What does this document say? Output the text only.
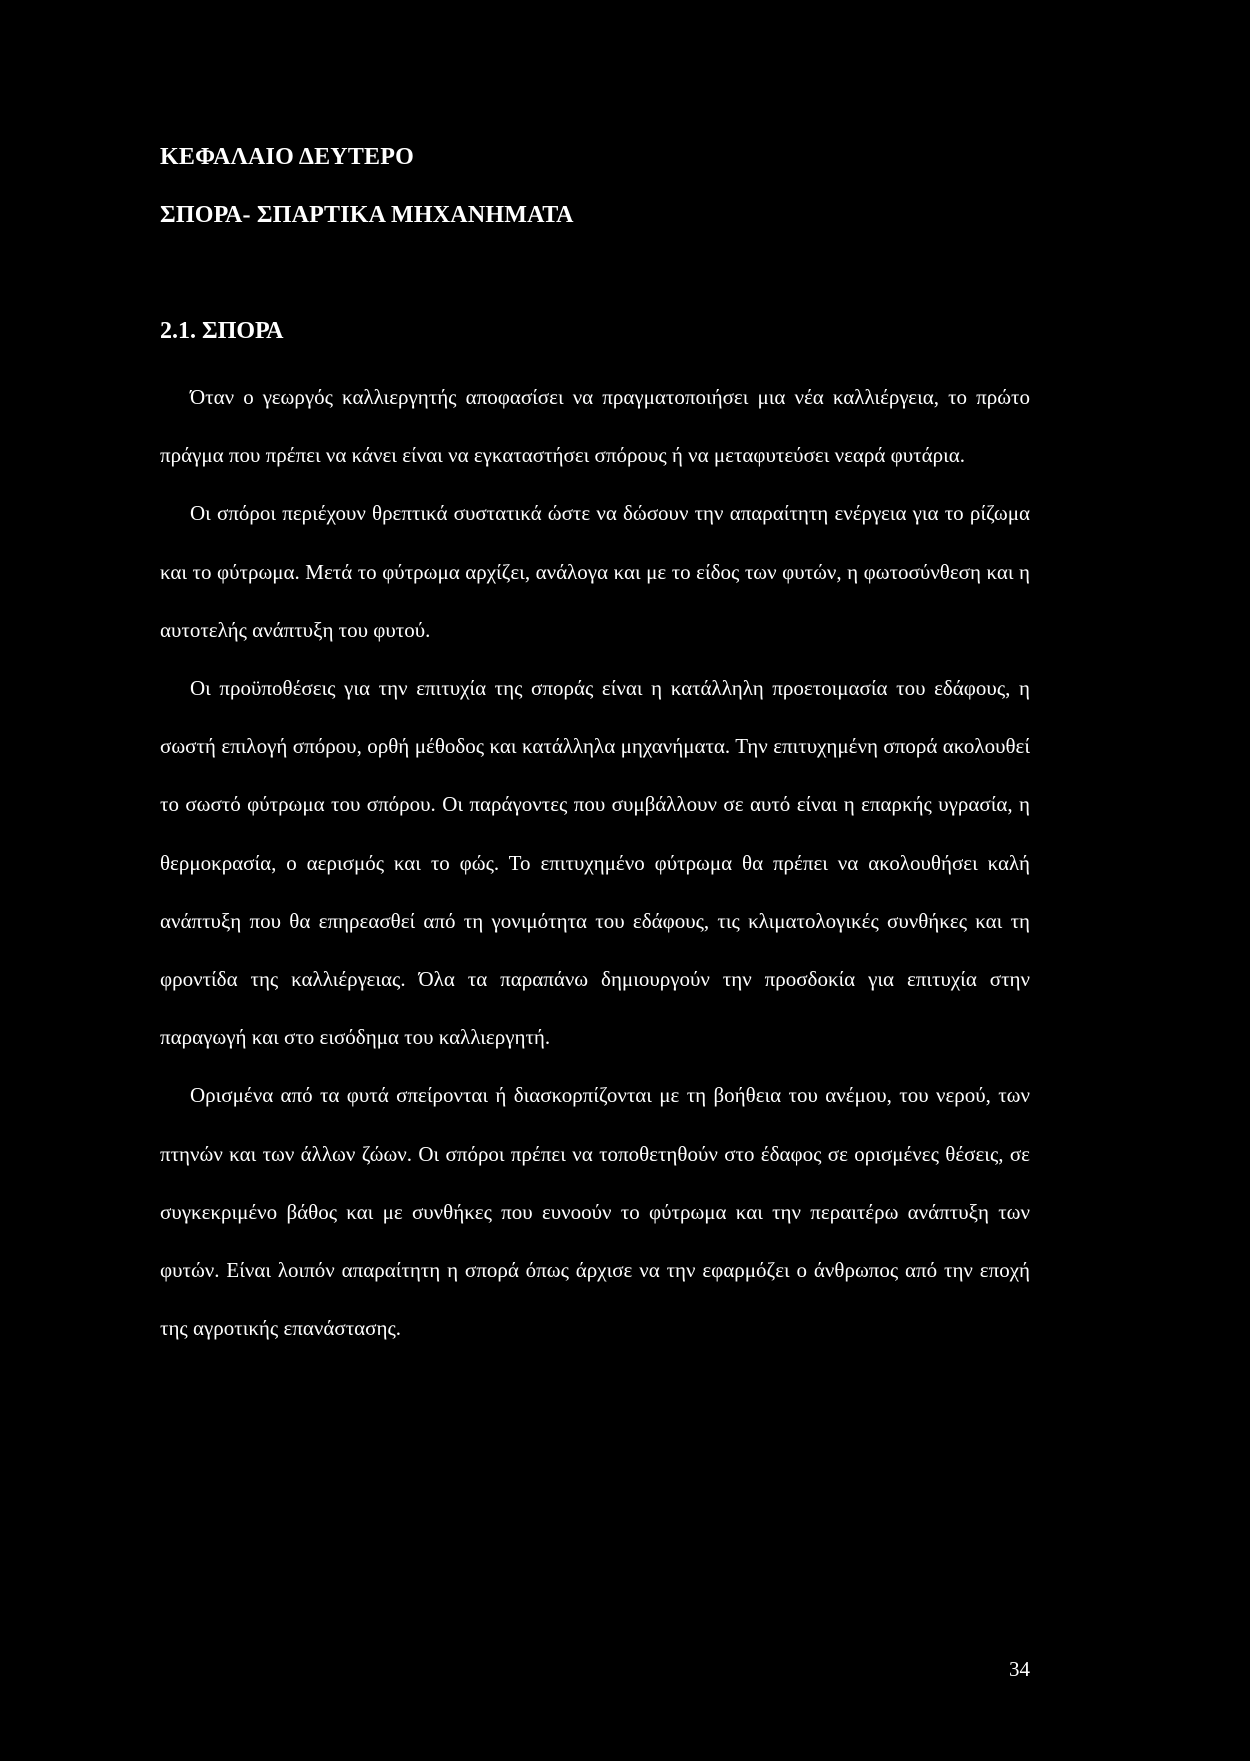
ΚΕΦΑΛΑΙΟ ΔΕΥΤΕΡΟ
ΣΠΟΡΑ- ΣΠΑΡΤΙΚΑ ΜΗΧΑΝΗΜΑΤΑ
2.1. ΣΠΟΡΑ

Όταν ο γεωργός καλλιεργητής αποφασίσει να πραγματοποιήσει μια νέα καλλιέργεια, το πρώτο πράγμα που πρέπει να κάνει είναι να εγκαταστήσει σπόρους ή να μεταφυτεύσει νεαρά φυτάρια.

Οι σπόροι περιέχουν θρεπτικά συστατικά ώστε να δώσουν την απαραίτητη ενέργεια για το ρίζωμα και το φύτρωμα. Μετά το φύτρωμα αρχίζει, ανάλογα και με το είδος των φυτών, η φωτοσύνθεση και η αυτοτελής ανάπτυξη του φυτού.

Οι προϋποθέσεις για την επιτυχία της σποράς είναι η κατάλληλη προετοιμασία του εδάφους, η σωστή επιλογή σπόρου, ορθή μέθοδος και κατάλληλα μηχανήματα. Την επιτυχημένη σπορά ακολουθεί το σωστό φύτρωμα του σπόρου. Οι παράγοντες που συμβάλλουν σε αυτό είναι η επαρκής υγρασία, η θερμοκρασία, ο αερισμός και το φώς. Το επιτυχημένο φύτρωμα θα πρέπει να ακολουθήσει καλή ανάπτυξη που θα επηρεασθεί από τη γονιμότητα του εδάφους, τις κλιματολογικές συνθήκες και τη φροντίδα της καλλιέργειας. Όλα τα παραπάνω δημιουργούν την προσδοκία για επιτυχία στην παραγωγή και στο εισόδημα του καλλιεργητή.

Ορισμένα από τα φυτά σπείρονται ή διασκορπίζονται με τη βοήθεια του ανέμου, του νερού, των πτηνών και των άλλων ζώων. Οι σπόροι πρέπει να τοποθετηθούν στο έδαφος σε ορισμένες θέσεις, σε συγκεκριμένο βάθος και με συνθήκες που ευνοούν το φύτρωμα και την περαιτέρω ανάπτυξη των φυτών. Είναι λοιπόν απαραίτητη η σπορά όπως άρχισε να την εφαρμόζει ο άνθρωπος από την εποχή της αγροτικής επανάστασης.

34
